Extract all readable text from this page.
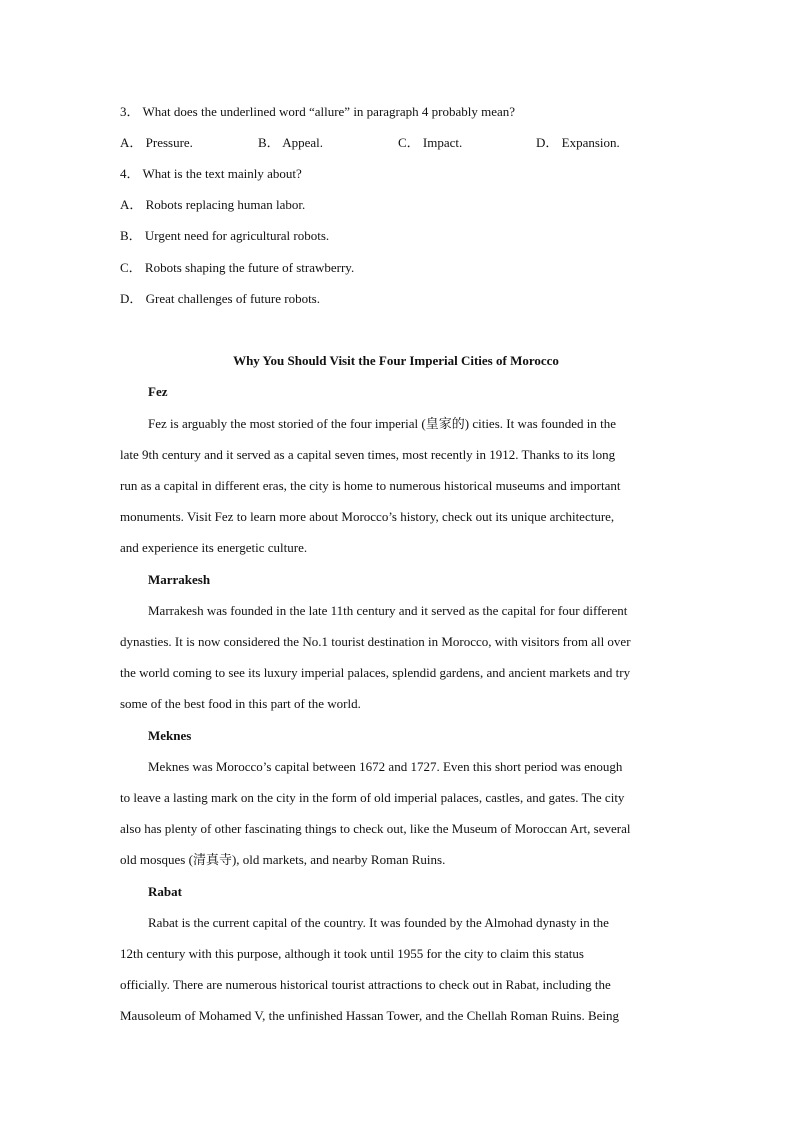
3． What does the underlined word “allure” in paragraph 4 probably mean?
A． Pressure.	B． Appeal.	C． Impact.	D． Expansion.
4． What is the text mainly about?
A． Robots replacing human labor.
B． Urgent need for agricultural robots.
C． Robots shaping the future of strawberry.
D． Great challenges of future robots.
Why You Should Visit the Four Imperial Cities of Morocco
Fez
Fez is arguably the most storied of the four imperial (皇家的) cities. It was founded in the
late 9th century and it served as a capital seven times, most recently in 1912. Thanks to its long
run as a capital in different eras, the city is home to numerous historical museums and important
monuments. Visit Fez to learn more about Morocco’s history, check out its unique architecture,
and experience its energetic culture.
Marrakesh
Marrakesh was founded in the late 11th century and it served as the capital for four different
dynasties. It is now considered the No.1 tourist destination in Morocco, with visitors from all over
the world coming to see its luxury imperial palaces, splendid gardens, and ancient markets and try
some of the best food in this part of the world.
Meknes
Meknes was Morocco’s capital between 1672 and 1727. Even this short period was enough
to leave a lasting mark on the city in the form of old imperial palaces, castles, and gates. The city
also has plenty of other fascinating things to check out, like the Museum of Moroccan Art, several
old mosques (清真寺), old markets, and nearby Roman Ruins.
Rabat
Rabat is the current capital of the country. It was founded by the Almohad dynasty in the
12th century with this purpose, although it took until 1955 for the city to claim this status
officially. There are numerous historical tourist attractions to check out in Rabat, including the
Mausoleum of Mohamed V, the unfinished Hassan Tower, and the Chellah Roman Ruins. Being
